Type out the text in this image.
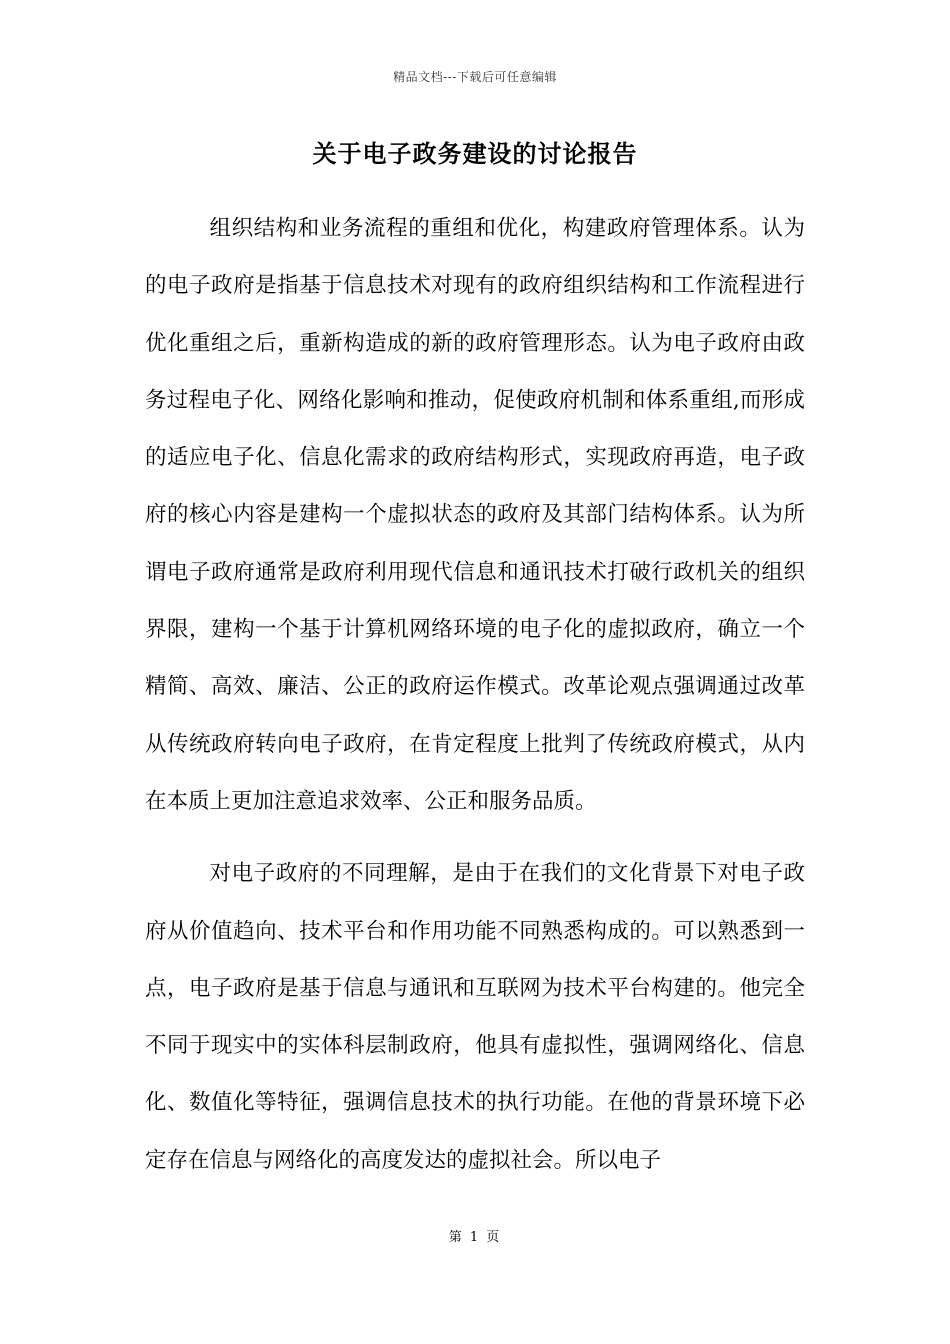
精品文档---下载后可任意编辑
关于电子政务建设的讨论报告

组织结构和业务流程的重组和优化，构建政府管理体系。认为的电子政府是指基于信息技术对现有的政府组织结构和工作流程进行优化重组之后，重新构造成的新的政府管理形态。认为电子政府由政务过程电子化、网络化影响和推动，促使政府机制和体系重组,而形成的适应电子化、信息化需求的政府结构形式，实现政府再造，电子政府的核心内容是建构一个虚拟状态的政府及其部门结构体系。认为所谓电子政府通常是政府利用现代信息和通讯技术打破行政机关的组织界限，建构一个基于计算机网络环境的电子化的虚拟政府，确立一个精简、高效、廉洁、公正的政府运作模式。改革论观点强调通过改革从传统政府转向电子政府，在肯定程度上批判了传统政府模式，从内在本质上更加注意追求效率、公正和服务品质。

对电子政府的不同理解，是由于在我们的文化背景下对电子政府从价值趋向、技术平台和作用功能不同熟悉构成的。可以熟悉到一点，电子政府是基于信息与通讯和互联网为技术平台构建的。他完全不同于现实中的实体科层制政府，他具有虚拟性，强调网络化、信息化、数值化等特征，强调信息技术的执行功能。在他的背景环境下必定存在信息与网络化的高度发达的虚拟社会。所以电子

第 1 页
